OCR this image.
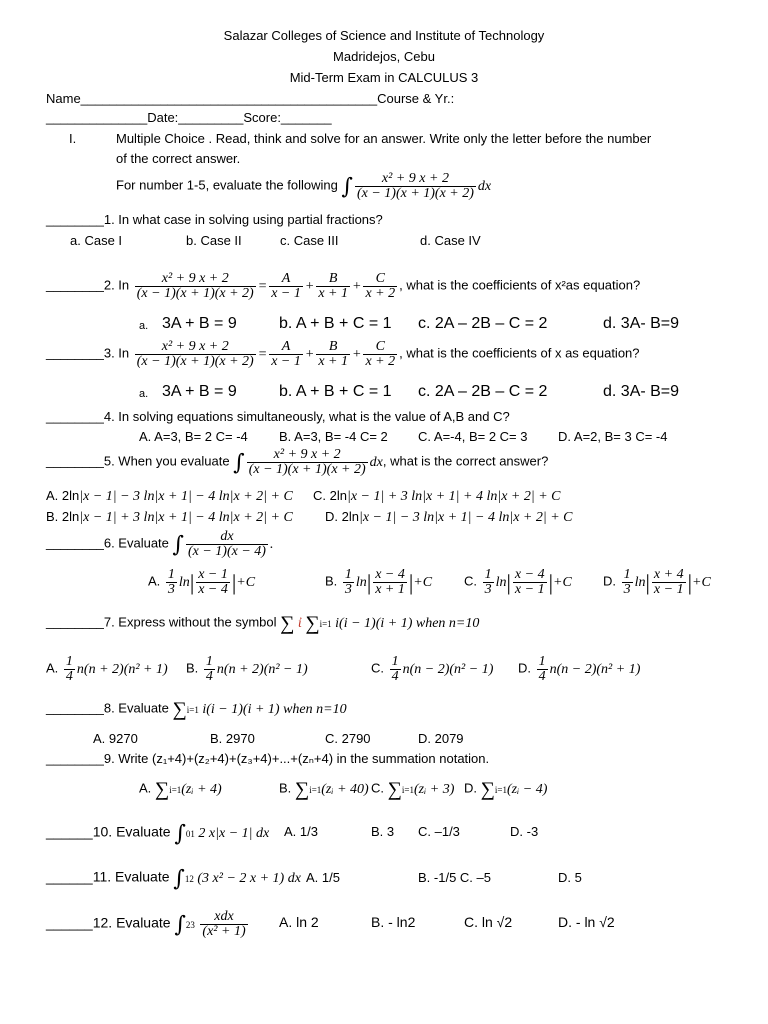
Salazar Colleges of Science and Institute of Technology
Madridejos, Cebu
Mid-Term Exam in CALCULUS 3
Name_________________________________________Course & Yr.:
______________Date:_________Score:_______
I.	Multiple Choice . Read, think and solve for an answer. Write only the letter before the number
of the correct answer.
For number 1-5, evaluate the following ∫ $\frac{\text{x² + 9 x + 2}}{(x - 1)(x + 1)(x + 2)}$ dx
________1. In what case in solving using partial fractions?
a. Case I	b. Case II	c. Case III	d. Case IV
________2. In $\frac{\text{x² + 9 x + 2}}{(x - 1)(x + 1)(x + 2)} = \frac{A}{x - 1} + \frac{B}{x + 1} + \frac{C}{x + 2}$ , what is the coefficients of x²as equation?
a. 3A + B = 9	b. A + B + C = 1 c. 2A – 2B – C = 2	d. 3A- B=9
________3. In $\frac{\text{x² + 9 x + 2}}{(x - 1)(x + 1)(x + 2)} = \frac{A}{x - 1} + \frac{B}{x + 1} + \frac{C}{x + 2}$ , what is the coefficients of x as equation?
a. 3A + B = 9	b. A + B + C = 1 c. 2A – 2B – C = 2	d. 3A- B=9
________4. In solving equations simultaneously, what is the value of A,B and C?
A. A=3, B= 2 C= -4 B. A=3, B= -4 C= 2 C. A=-4, B= 2 C= 3 D. A=2, B= 3 C= -4
________5. When you evaluate ∫ $\frac{\text{x² + 9 x + 2}}{(x - 1)(x + 1)(x + 2)}$ dx, what is the correct answer?
A. 2ln|x − 1| − 3 ln|x + 1| − 4 ln|x + 2| + C C. 2ln|x − 1| + 3 ln|x + 1| + 4 ln|x + 2| + C
B. 2ln|x − 1| + 3 ln|x + 1| − 4 ln|x + 2| + C D. 2ln|x − 1| − 3 ln|x + 1| − 4 ln|x + 2| + C
________6. Evaluate ∫ $\frac{dx}{(x - 1)(x - 4)}$ .
A. $\frac{1}{3} \ln| \frac{x - 1}{x - 4} |+C$	B. $\frac{1}{3} \ln| \frac{x - 4}{x + 1} |+C$ C. $\frac{1}{3} \ln| \frac{x - 4}{x - 1} |+C$ D. $\frac{1}{3} \ln| \frac{x + 4}{x - 1} |+C$
________7. Express without the symbol ∑ ἰ ∑i=1 i(i − 1)(i + 1) when n=10
A. $\frac{1}{4} n(n + 2)(n^2 + 1)$ B. $\frac{1}{4} n(n + 2)(n^2 - 1)$	C. $\frac{1}{4} n(n - 2)(n^2 - 1)$ D. $\frac{1}{4} n(n - 2)(n^2 + 1)$
________8. Evaluate ∑i=1 i(i − 1)(i + 1) when n=10
A. 9270	B. 2970	C. 2790	D. 2079
________9. Write (z₁+4)+(z₂+4)+(z₃+4)+...+(zₙ+4) in the summation notation.
A. ∑i=1(zᵢ + 4)	B. ∑i=1(zᵢ + 40) C. ∑i=1(zᵢ + 3) D. ∑i=1(zᵢ − 4)
______10. Evaluate ∫01 2 x|x − 1| dx A. 1/3	B. 3 C. –1/3	D. -3
______11. Evaluate ∫12 (3 x² − 2 x + 1) dx A. 1/5	B. -1/5 C. –5	D. 5
______12. Evaluate $\int 23 \frac{\text{xdx}}{\text{(x² + 1)}} A$. ln 2	B. - ln2	C. ln √2	D. - ln √2
